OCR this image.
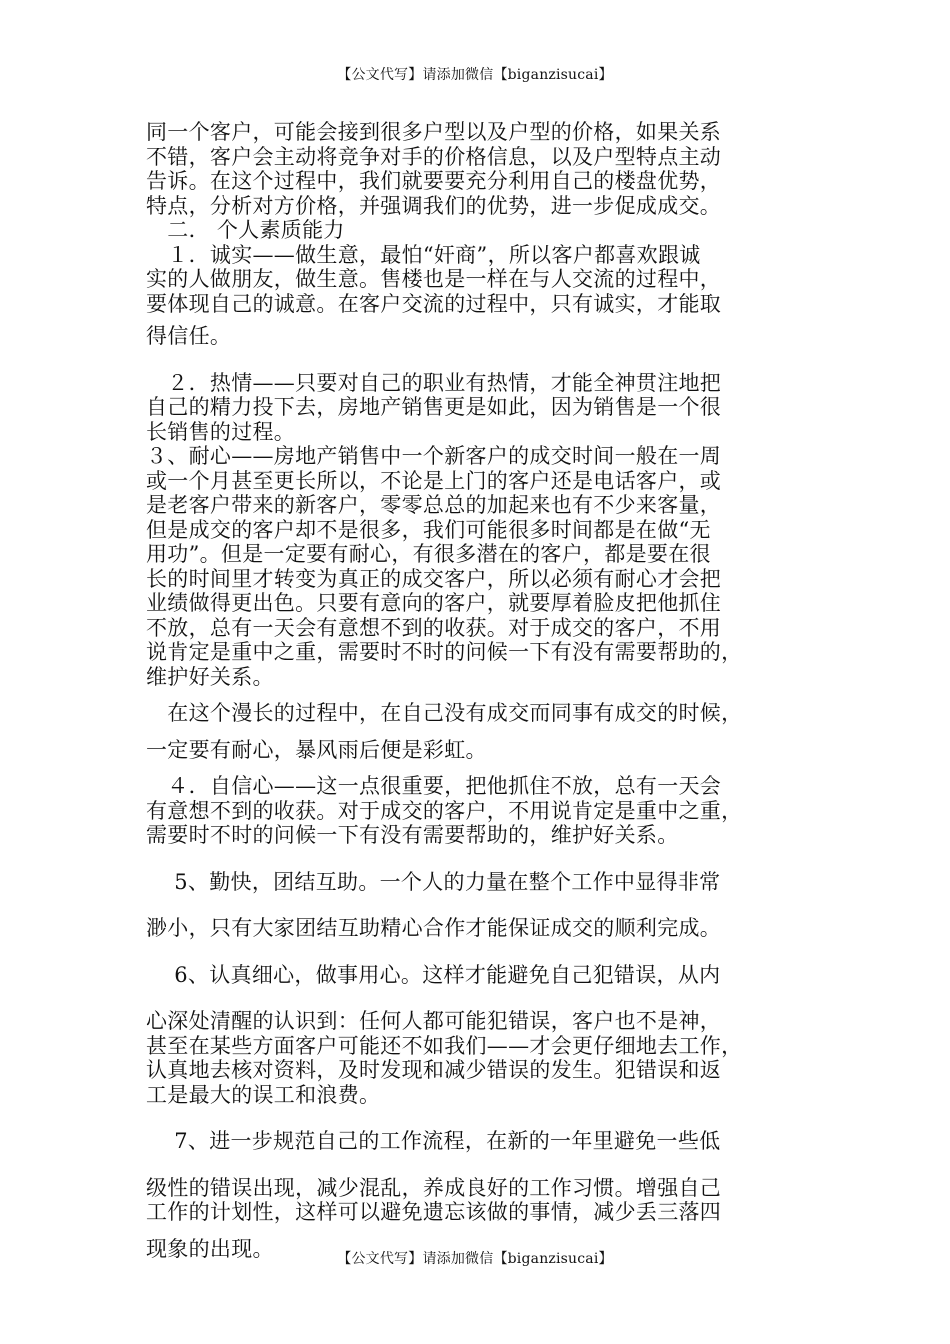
【公文代写】请添加微信【biganzisucai】
同一个客户，可能会接到很多户型以及户型的价格，如果关系
不错，客户会主动将竞争对手的价格信息，以及户型特点主动
告诉。在这个过程中，我们就要要充分利用自己的楼盘优势，
特点，分析对方价格，并强调我们的优势，进一步促成成交。
　二． 个人素质能力
　１．诚实——做生意，最怕“奸商”，所以客户都喜欢跟诚
实的人做朋友，做生意。售楼也是一样在与人交流的过程中，
要体现自己的诚意。在客户交流的过程中，只有诚实，才能取
得信任。
　２．热情——只要对自己的职业有热情，才能全神贯注地把
自己的精力投下去，房地产销售更是如此，因为销售是一个很
长销售的过程。
３、耐心——房地产销售中一个新客户的成交时间一般在一周
或一个月甚至更长所以，不论是上门的客户还是电话客户，或
是老客户带来的新客户，零零总总的加起来也有不少来客量，
但是成交的客户却不是很多，我们可能很多时间都是在做“无
用功”。但是一定要有耐心，有很多潜在的客户，都是要在很
长的时间里才转变为真正的成交客户，所以必须有耐心才会把
业绩做得更出色。只要有意向的客户，就要厚着脸皮把他抓住
不放，总有一天会有意想不到的收获。对于成交的客户，不用
说肯定是重中之重，需要时不时的问候一下有没有需要帮助的，
维护好关系。
　在这个漫长的过程中，在自己没有成交而同事有成交的时候，
一定要有耐心，暴风雨后便是彩虹。
　４．自信心——这一点很重要，把他抓住不放，总有一天会
有意想不到的收获。对于成交的客户，不用说肯定是重中之重，
需要时不时的问候一下有没有需要帮助的，维护好关系。
　 5、勤快，团结互助。一个人的力量在整个工作中显得非常
渺小，只有大家团结互助精心合作才能保证成交的顺利完成。
　 6、认真细心，做事用心。这样才能避免自己犯错误，从内
心深处清醒的认识到：任何人都可能犯错误，客户也不是神，
甚至在某些方面客户可能还不如我们——才会更仔细地去工作，
认真地去核对资料，及时发现和减少错误的发生。犯错误和返
工是最大的误工和浪费。
　 7、进一步规范自己的工作流程，在新的一年里避免一些低
级性的错误出现，减少混乱，养成良好的工作习惯。增强自己
工作的计划性，这样可以避免遗忘该做的事情，减少丢三落四
现象的出现。	【公文代写】请添加微信【biganzisucai】
